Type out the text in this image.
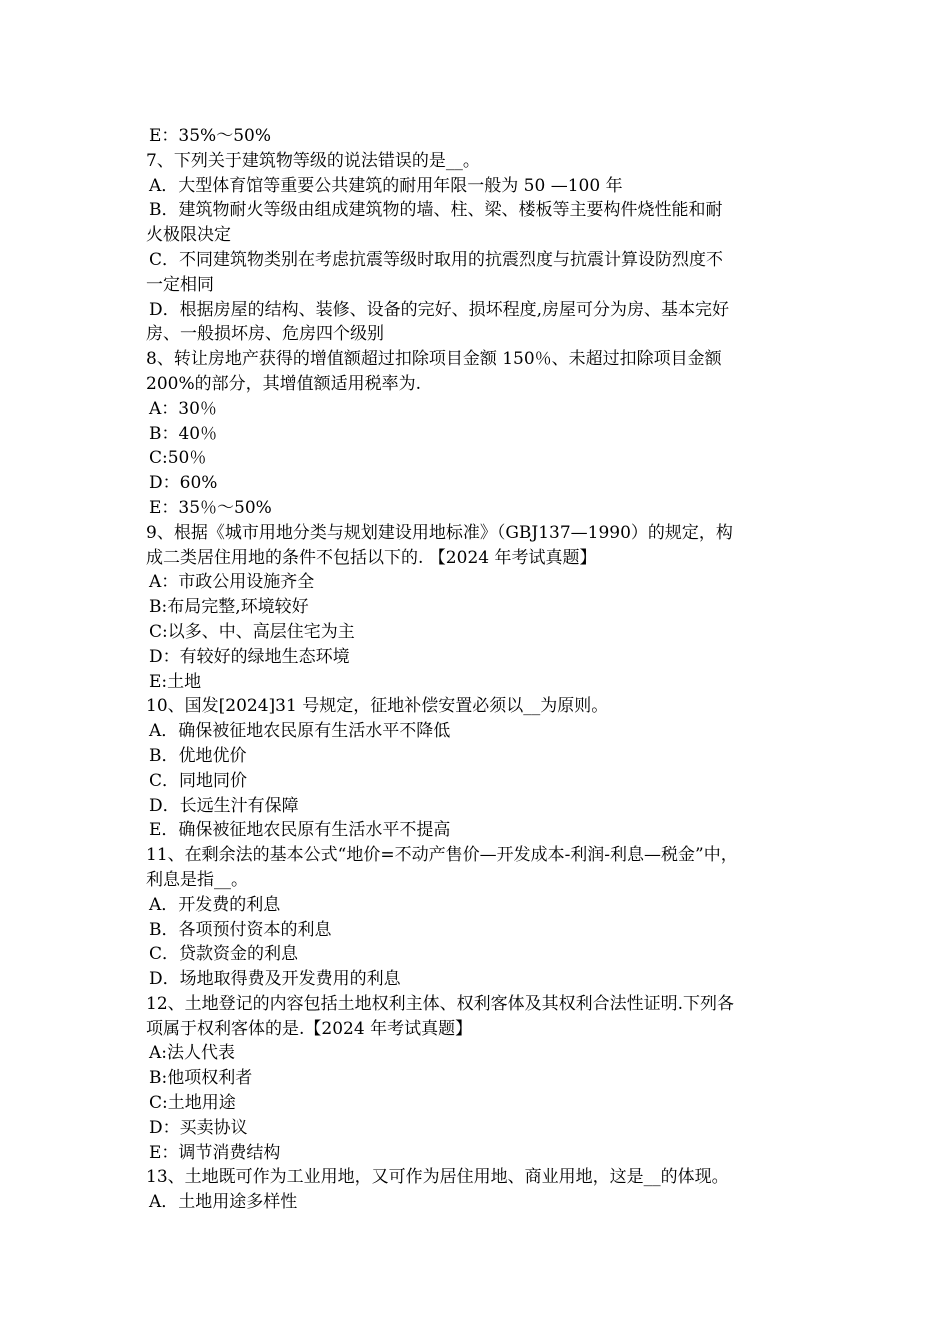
E：35%～50%
7、下列关于建筑物等级的说法错误的是__。
A．大型体育馆等重要公共建筑的耐用年限一般为 50 —100 年
B．建筑物耐火等级由组成建筑物的墙、柱、梁、楼板等主要构件烧性能和耐
火极限决定
C．不同建筑物类别在考虑抗震等级时取用的抗震烈度与抗震计算设防烈度不
一定相同
D．根据房屋的结构、装修、设备的完好、损坏程度,房屋可分为房、基本完好
房、一般损坏房、危房四个级别
8、转让房地产获得的增值额超过扣除项目金额 150％、未超过扣除项目金额
200%的部分，其增值额适用税率为.
A：30％
B：40％
C:50％
D：60%
E：35％～50%
9、根据《城市用地分类与规划建设用地标准》（GBJ137—1990）的规定，构
成二类居住用地的条件不包括以下的. 【2024 年考试真题】
A：市政公用设施齐全
B:布局完整,环境较好
C:以多、中、高层住宅为主
D：有较好的绿地生态环境
E:土地
10、国发[2024]31 号规定，征地补偿安置必须以__为原则。
A．确保被征地农民原有生活水平不降低
B．优地优价
C．同地同价
D．长远生汁有保障
E．确保被征地农民原有生活水平不提高
11、在剩余法的基本公式“地价=不动产售价—开发成本-利润-利息—税金”中，
利息是指__。
A．开发费的利息
B．各项预付资本的利息
C．贷款资金的利息
D．场地取得费及开发费用的利息
12、土地登记的内容包括土地权利主体、权利客体及其权利合法性证明.下列各
项属于权利客体的是.【2024 年考试真题】
A:法人代表
B:他项权利者
C:土地用途
D：买卖协议
E：调节消费结构
13、土地既可作为工业用地，又可作为居住用地、商业用地，这是__的体现。
A．土地用途多样性
